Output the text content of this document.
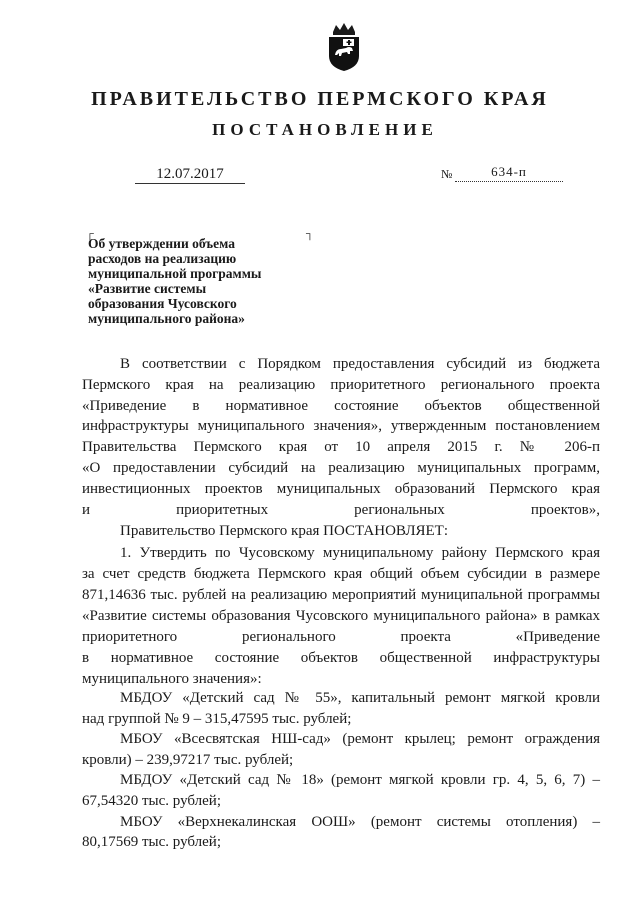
ПРАВИТЕЛЬСТВО ПЕРМСКОГО КРАЯ
ПОСТАНОВЛЕНИЕ
12.07.2017	№	634-п
┌	┐
Об утверждении объема
расходов на реализацию
муниципальной программы
«Развитие системы
образования Чусовского
муниципального района»
В соответствии с Порядком предоставления субсидий из бюджета
Пермского края на реализацию приоритетного регионального проекта
«Приведение в нормативное состояние объектов общественной
инфраструктуры муниципального значения», утвержденным постановлением
Правительства Пермского края от 10 апреля 2015 г. № 206-п
«О предоставлении субсидий на реализацию муниципальных программ,
инвестиционных проектов муниципальных образований Пермского края
и приоритетных региональных проектов»,
Правительство Пермского края ПОСТАНОВЛЯЕТ:
1. Утвердить по Чусовскому муниципальному району Пермского края
за счет средств бюджета Пермского края общий объем субсидии в размере
871,14636 тыс. рублей на реализацию мероприятий муниципальной программы
«Развитие системы образования Чусовского муниципального района» в рамках
приоритетного регионального проекта «Приведение
в нормативное состояние объектов общественной инфраструктуры
муниципального значения»:
МБДОУ «Детский сад № 55», капитальный ремонт мягкой кровли
над группой № 9 – 315,47595 тыс. рублей;
МБОУ «Всесвятская НШ-сад» (ремонт крылец; ремонт ограждения
кровли) – 239,97217 тыс. рублей;
МБДОУ «Детский сад № 18» (ремонт мягкой кровли гр. 4, 5, 6, 7) –
67,54320 тыс. рублей;
МБОУ «Верхнекалинская ООШ» (ремонт системы отопления) –
80,17569 тыс. рублей;
